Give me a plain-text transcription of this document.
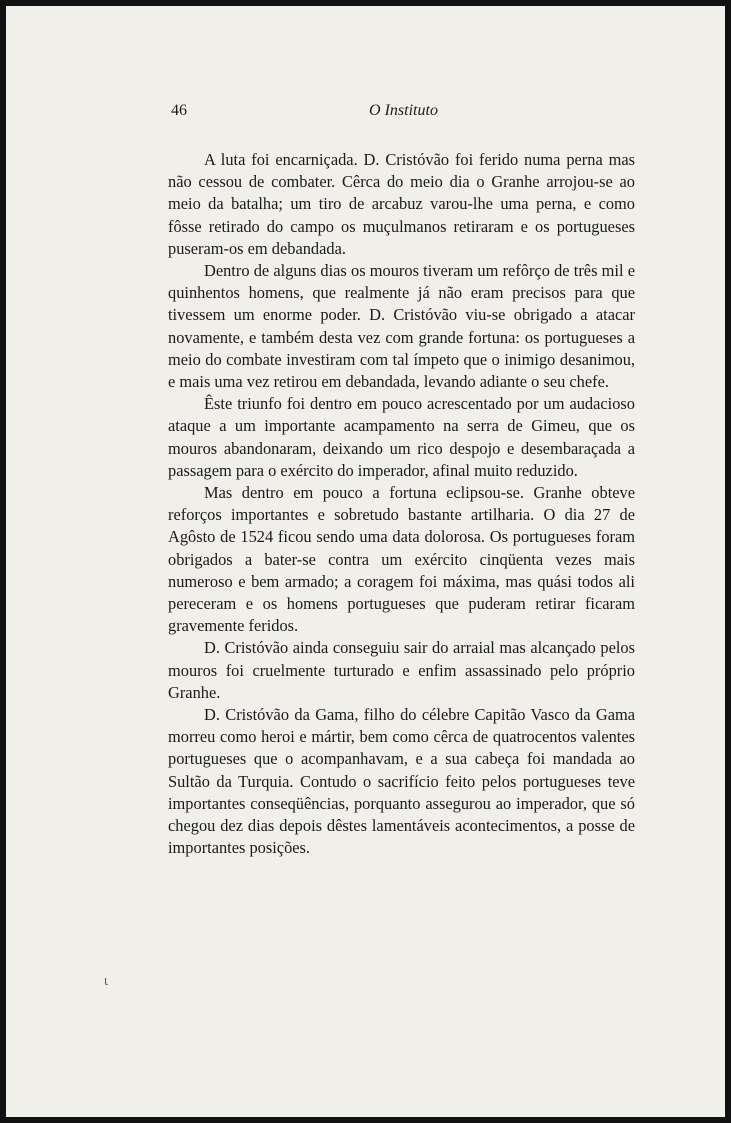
46	O Instituto

A luta foi encarniçada. D. Cristóvão foi ferido numa perna mas não cessou de combater. Cêrca do meio dia o Granhe arrojou-se ao meio da batalha; um tiro de arcabuz varou-lhe uma perna, e como fôsse retirado do campo os muçulmanos retiraram e os portugueses puseram-os em debandada.

Dentro de alguns dias os mouros tiveram um refôrço de três mil e quinhentos homens, que realmente já não eram precisos para que tivessem um enorme poder. D. Cristóvão viu-se obrigado a atacar novamente, e também desta vez com grande fortuna: os portugueses a meio do combate investiram com tal ímpeto que o inimigo desanimou, e mais uma vez retirou em debandada, levando adiante o seu chefe.

Êste triunfo foi dentro em pouco acrescentado por um audacioso ataque a um importante acampamento na serra de Gimeu, que os mouros abandonaram, deixando um rico despojo e desembaraçada a passagem para o exército do imperador, afinal muito reduzido.

Mas dentro em pouco a fortuna eclipsou-se. Granhe obteve reforços importantes e sobretudo bastante artilharia. O dia 27 de Agôsto de 1524 ficou sendo uma data dolorosa. Os portugueses foram obrigados a bater-se contra um exército cinqüenta vezes mais numeroso e bem armado; a coragem foi máxima, mas quási todos ali pereceram e os homens portugueses que puderam retirar ficaram gravemente feridos.

D. Cristóvão ainda conseguiu sair do arraial mas alcançado pelos mouros foi cruelmente turturado e enfim assassinado pelo próprio Granhe.

D. Cristóvão da Gama, filho do célebre Capitão Vasco da Gama morreu como heroi e mártir, bem como cêrca de quatrocentos valentes portugueses que o acompanhavam, e a sua cabeça foi mandada ao Sultão da Turquia. Contudo o sacrifício feito pelos portugueses teve importantes conseqüências, porquanto assegurou ao imperador, que só chegou dez dias depois dêstes lamentáveis acontecimentos, a posse de importantes posições.

ι
